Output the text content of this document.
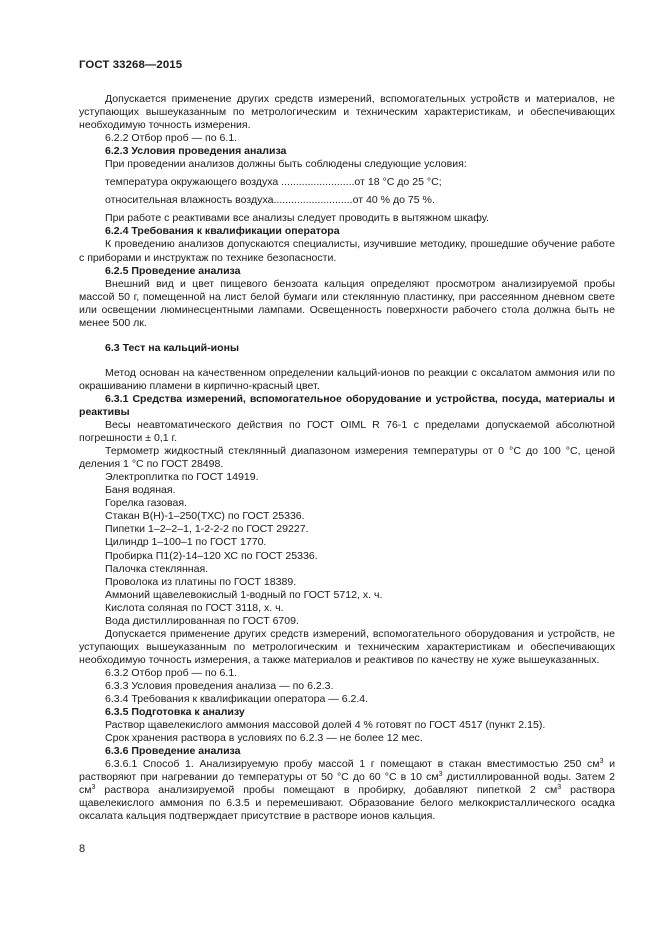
ГОСТ 33268—2015

Допускается применение других средств измерений, вспомогательных устройств и материалов, не уступающих вышеуказанным по метрологическим и техническим характеристикам, и обеспечивающих необходимую точность измерения.

6.2.2 Отбор проб — по 6.1.

6.2.3 Условия проведения анализа

При проведении анализов должны быть соблюдены следующие условия:

температура окружающего воздуха .........................от 18 °С до 25 °С;

относительная влажность воздуха...........................от 40 % до 75 %.

При работе с реактивами все анализы следует проводить в вытяжном шкафу.

6.2.4 Требования к квалификации оператора

К проведению анализов допускаются специалисты, изучившие методику, прошедшие обучение работе с приборами и инструктаж по технике безопасности.

6.2.5 Проведение анализа

Внешний вид и цвет пищевого бензоата кальция определяют просмотром анализируемой пробы массой 50 г, помещенной на лист белой бумаги или стеклянную пластинку, при рассеянном дневном свете или освещении люминесцентными лампами. Освещенность поверхности рабочего стола должна быть не менее 500 лк.

6.3 Тест на кальций-ионы

Метод основан на качественном определении кальций-ионов по реакции с оксалатом аммония или по окрашиванию пламени в кирпично-красный цвет.

6.3.1 Средства измерений, вспомогательное оборудование и устройства, посуда, материалы и реактивы

Весы неавтоматического действия по ГОСТ OIML R 76-1 с пределами допускаемой абсолютной погрешности ± 0,1 г.

Термометр жидкостный стеклянный диапазоном измерения температуры от 0 °С до 100 °С, ценой деления 1 °С по ГОСТ 28498.

Электроплитка по ГОСТ 14919.

Баня водяная.

Горелка газовая.

Стакан В(Н)-1–250(ТХС) по ГОСТ 25336.

Пипетки 1–2–2–1, 1-2-2-2 по ГОСТ 29227.

Цилиндр 1–100–1 по ГОСТ 1770.

Пробирка П1(2)-14–120 ХС по ГОСТ 25336.

Палочка стеклянная.

Проволока из платины по ГОСТ 18389.

Аммоний щавелевокислый 1-водный по ГОСТ 5712, х. ч.

Кислота соляная по ГОСТ 3118, х. ч.

Вода дистиллированная по ГОСТ 6709.

Допускается применение других средств измерений, вспомогательного оборудования и устройств, не уступающих вышеуказанным по метрологическим и техническим характеристикам и обеспечивающих необходимую точность измерения, а также материалов и реактивов по качеству не хуже вышеуказанных.

6.3.2 Отбор проб — по 6.1.

6.3.3 Условия проведения анализа — по 6.2.3.

6.3.4 Требования к квалификации оператора — 6.2.4.

6.3.5 Подготовка к анализу

Раствор щавелекислого аммония массовой долей 4 % готовят по ГОСТ 4517 (пункт 2.15).

Срок хранения раствора в условиях по 6.2.3 — не более 12 мес.

6.3.6 Проведение анализа

6.3.6.1 Способ 1. Анализируемую пробу массой 1 г помещают в стакан вместимостью 250 $см^3$ и растворяют при нагревании до температуры от 50 °С до 60 °С в 10 $см^3$ дистиллированной воды. Затем 2 $см^3$ раствора анализируемой пробы помещают в пробирку, добавляют пипеткой 2 $см^3$ раствора щавелекислого аммония по 6.3.5 и перемешивают. Образование белого мелкокристаллического осадка оксалата кальция подтверждает присутствие в растворе ионов кальция.

8
